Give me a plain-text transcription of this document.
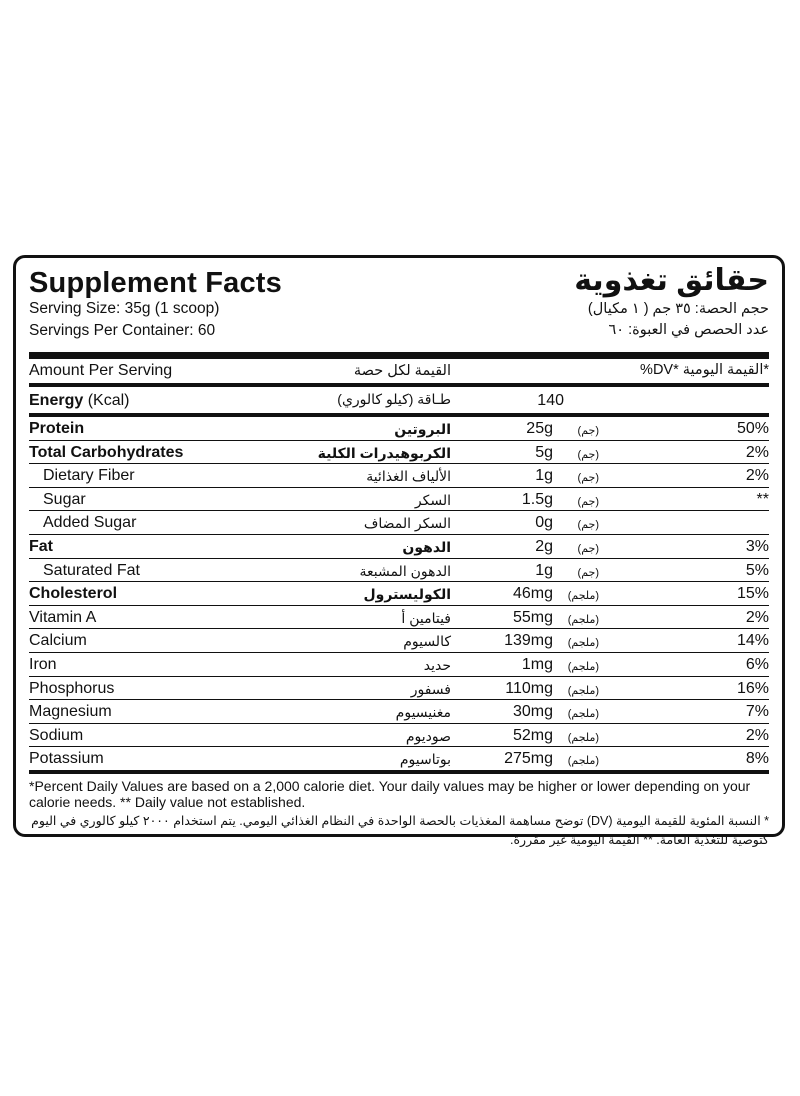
Supplement Facts	حقائق تغذوية
Serving Size: 35g (1 scoop)
Servings Per Container: 60
حجم الحصة: ٣٥ جم ( ١ مكيال)
عدد الحصص في العبوة: ٦٠
Amount Per Serving	القيمة لكل حصة	*القيمة اليومية *DV%
Energy (Kcal)	طـاقة (كيلو كالوري)	140
Protein	البروتين	25g (جم)	50%
Total Carbohydrates	الكربوهيدرات الكلية	5g (جم)	2%
Dietary Fiber	الألياف الغذائية	1g (جم)	2%
Sugar	السكر	1.5g (جم)	**
Added Sugar	السكر المضاف	0g (جم)
Fat	الدهون	2g (جم)	3%
Saturated Fat	الدهون المشبعة	1g (جم)	5%
Cholesterol	الكوليسترول	46mg (ملجم)	15%
Vitamin A	فيتامين أ	55mg (ملجم)	2%
Calcium	كالسيوم	139mg (ملجم)	14%
Iron	حديد	1mg (ملجم)	6%
Phosphorus	فسفور	110mg (ملجم)	16%
Magnesium	مغنيسيوم	30mg (ملجم)	7%
Sodium	صوديوم	52mg (ملجم)	2%
Potassium	بوتاسيوم	275mg (ملجم)	8%
*Percent Daily Values are based on a 2,000 calorie diet. Your daily values may be higher or lower depending on your calorie needs. ** Daily value not established.
* النسبة المئوية للقيمة اليومية (DV) توضح مساهمة المغذيات بالحصة الواحدة في النظام الغذائي اليومي. يتم استخدام ٢٠٠٠ كيلو كالوري في اليوم كتوصية للتغذية العامة. ** القيمة اليومية غير مقررة.
